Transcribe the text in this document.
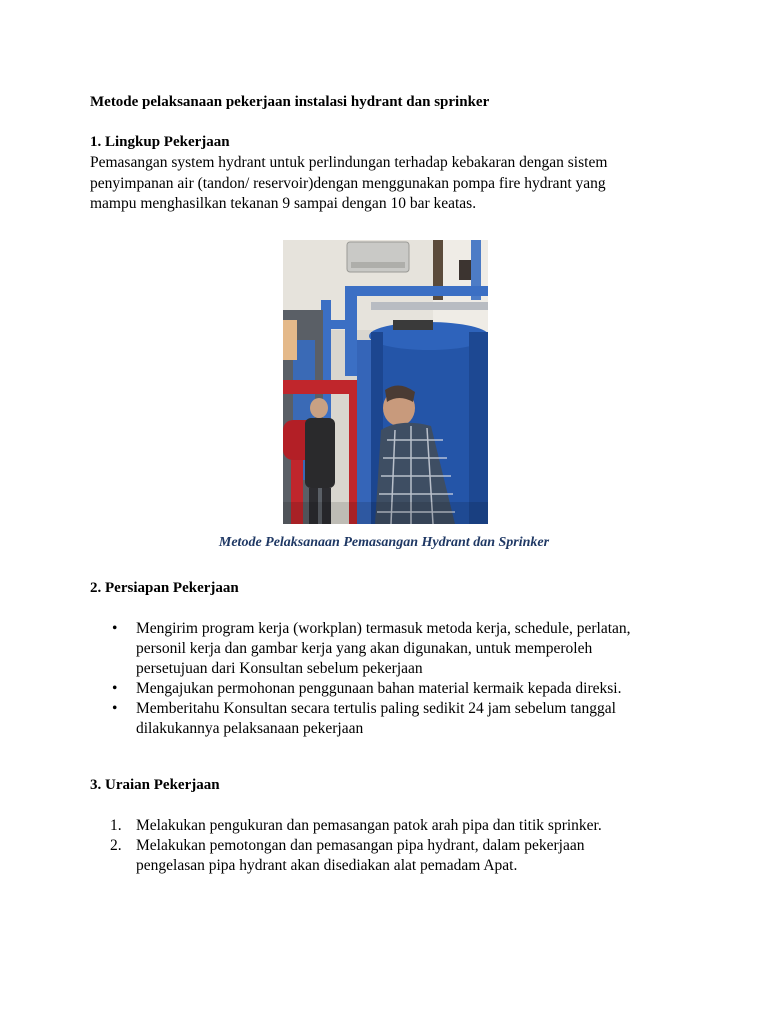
Metode pelaksanaan pekerjaan instalasi hydrant dan sprinker
1. Lingkup Pekerjaan
Pemasangan system hydrant untuk perlindungan terhadap kebakaran dengan sistem
penyimpanan air (tandon/ reservoir)dengan menggunakan pompa fire hydrant yang
mampu menghasilkan tekanan 9 sampai dengan 10 bar keatas.
Metode Pelaksanaan Pemasangan Hydrant dan Sprinker
2. Persiapan Pekerjaan
• Mengirim program kerja (workplan) termasuk metoda kerja, schedule, perlatan,
personil kerja dan gambar kerja yang akan digunakan, untuk memperoleh
persetujuan dari Konsultan sebelum pekerjaan
• Mengajukan permohonan penggunaan bahan material kermaik kepada direksi.
• Memberitahu Konsultan secara tertulis paling sedikit 24 jam sebelum tanggal
dilakukannya pelaksanaan pekerjaan
3. Uraian Pekerjaan
1. Melakukan pengukuran dan pemasangan patok arah pipa dan titik sprinker.
2. Melakukan pemotongan dan pemasangan pipa hydrant, dalam pekerjaan
pengelasan pipa hydrant akan disediakan alat pemadam Apat.
